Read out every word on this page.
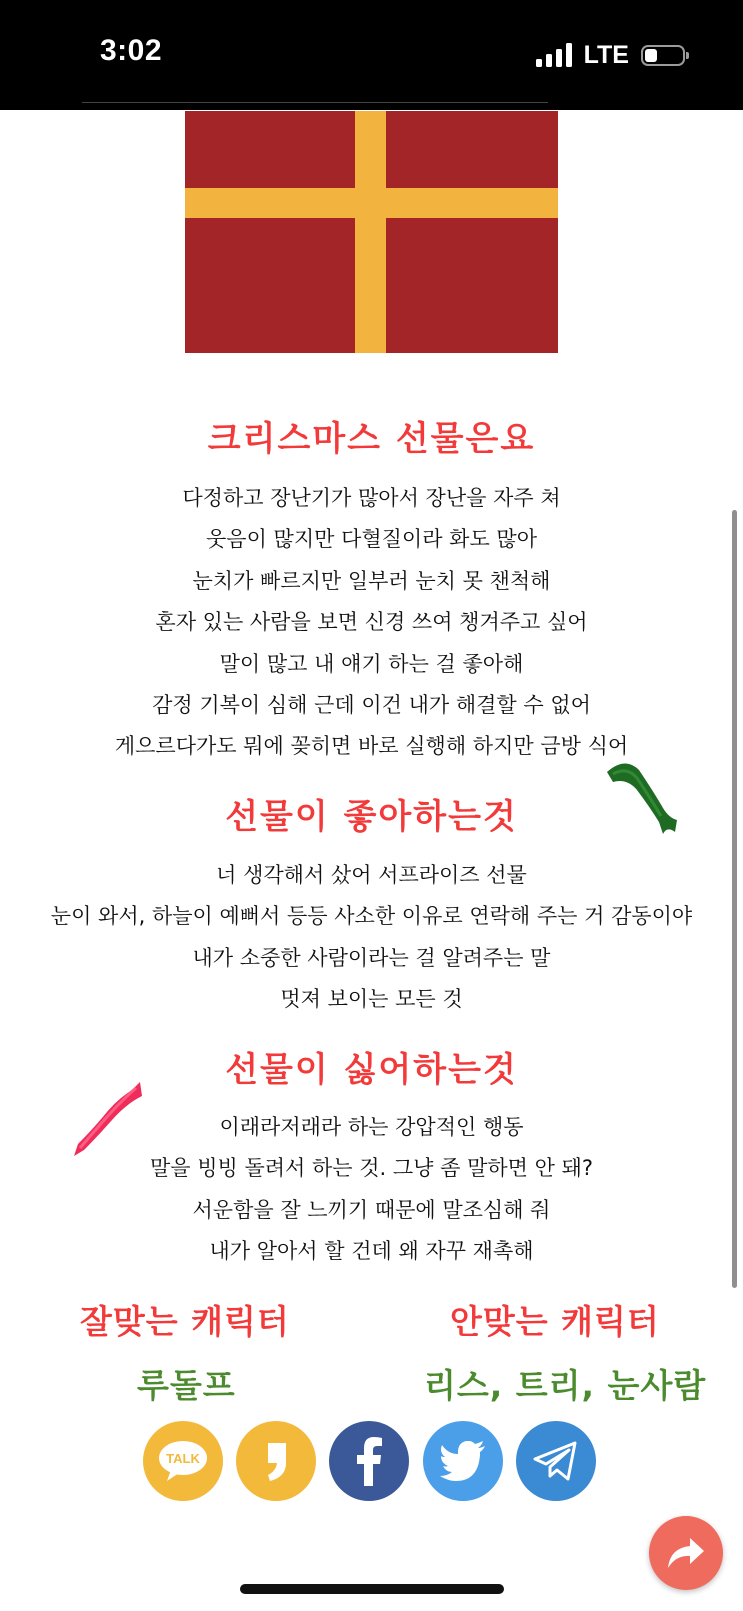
3:02	LTE
크리스마스 선물은요
다정하고 장난기가 많아서 장난을 자주 쳐
웃음이 많지만 다혈질이라 화도 많아
눈치가 빠르지만 일부러 눈치 못 챈척해
혼자 있는 사람을 보면 신경 쓰여 챙겨주고 싶어
말이 많고 내 얘기 하는 걸 좋아해
감정 기복이 심해 근데 이건 내가 해결할 수 없어
게으르다가도 뭐에 꽂히면 바로 실행해 하지만 금방 식어
선물이 좋아하는것
너 생각해서 샀어 서프라이즈 선물
눈이 와서, 하늘이 예뻐서 등등 사소한 이유로 연락해 주는 거 감동이야
내가 소중한 사람이라는 걸 알려주는 말
멋져 보이는 모든 것
선물이 싫어하는것
이래라저래라 하는 강압적인 행동
말을 빙빙 돌려서 하는 것. 그냥 좀 말하면 안 돼?
서운함을 잘 느끼기 때문에 말조심해 줘
내가 알아서 할 건데 왜 자꾸 재촉해
잘맞는 캐릭터	안맞는 캐릭터
루돌프	리스, 트리, 눈사람
TALK
